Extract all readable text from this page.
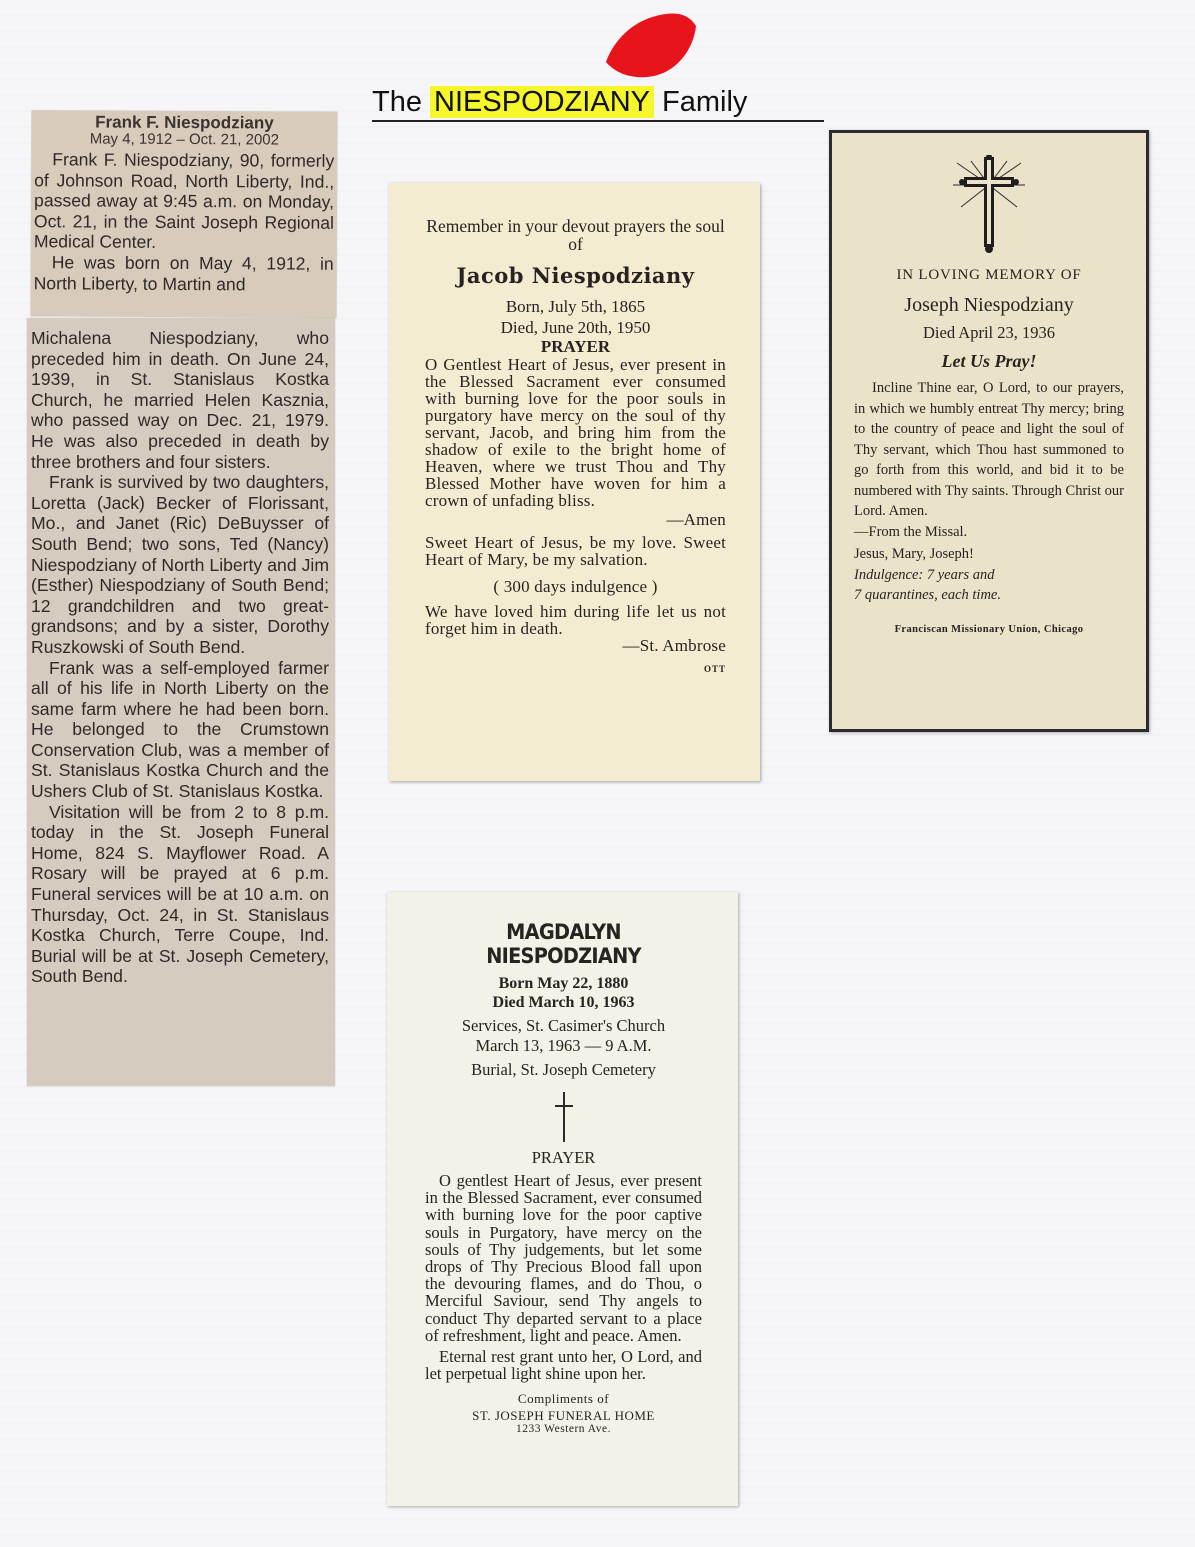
The NIESPODZIANY Family
Frank F. Niespodziany
May 4, 1912 – Oct. 21, 2002

Frank F. Niespodziany, 90, formerly of Johnson Road, North Liberty, Ind., passed away at 9:45 a.m. on Monday, Oct. 21, in the Saint Joseph Regional Medical Center.

He was born on May 4, 1912, in North Liberty, to Martin and

Michalena Niespodziany, who preceded him in death. On June 24, 1939, in St. Stanislaus Kostka Church, he married Helen Kasznia, who passed way on Dec. 21, 1979. He was also preceded in death by three brothers and four sisters.

Frank is survived by two daughters, Loretta (Jack) Becker of Florissant, Mo., and Janet (Ric) DeBuysser of South Bend; two sons, Ted (Nancy) Niespodziany of North Liberty and Jim (Esther) Niespodziany of South Bend; 12 grandchildren and two great-grandsons; and by a sister, Dorothy Ruszkowski of South Bend.

Frank was a self-employed farmer all of his life in North Liberty on the same farm where he had been born. He belonged to the Crumstown Conservation Club, was a member of St. Stanislaus Kostka Church and the Ushers Club of St. Stanislaus Kostka.

Visitation will be from 2 to 8 p.m. today in the St. Joseph Funeral Home, 824 S. Mayflower Road. A Rosary will be prayed at 6 p.m. Funeral services will be at 10 a.m. on Thursday, Oct. 24, in St. Stanislaus Kostka Church, Terre Coupe, Ind. Burial will be at St. Joseph Cemetery, South Bend.

Remember in your devout prayers the soul of
Jacob Niespodziany
Born, July 5th, 1865
Died, June 20th, 1950
PRAYER
O Gentlest Heart of Jesus, ever present in the Blessed Sacrament ever consumed with burning love for the poor souls in purgatory have mercy on the soul of thy servant, Jacob, and bring him from the shadow of exile to the bright home of Heaven, where we trust Thou and Thy Blessed Mother have woven for him a crown of unfading bliss.
—Amen
Sweet Heart of Jesus, be my love. Sweet Heart of Mary, be my salvation.
( 300 days indulgence )
We have loved him during life let us not forget him in death.
—St. Ambrose
OTT
IN LOVING MEMORY OF
Joseph Niespodziany
Died April 23, 1936
Let Us Pray!
Incline Thine ear, O Lord, to our prayers, in which we humbly entreat Thy mercy; bring to the country of peace and light the soul of Thy servant, which Thou hast summoned to go forth from this world, and bid it to be numbered with Thy saints. Through Christ our Lord. Amen.
—From the Missal.
Jesus, Mary, Joseph!
Indulgence: 7 years and
7 quarantines, each time.
Franciscan Missionary Union, Chicago
MAGDALYN NIESPODZIANY
Born May 22, 1880
Died March 10, 1963
Services, St. Casimer's Church
March 13, 1963 — 9 A.M.
Burial, St. Joseph Cemetery
PRAYER
O gentlest Heart of Jesus, ever present in the Blessed Sacrament, ever consumed with burning love for the poor captive souls in Purgatory, have mercy on the souls of Thy judgements, but let some drops of Thy Precious Blood fall upon the devouring flames, and do Thou, o Merciful Saviour, send Thy angels to conduct Thy departed servant to a place of refreshment, light and peace. Amen.
Eternal rest grant unto her, O Lord, and let perpetual light shine upon her.
Compliments of
ST. JOSEPH FUNERAL HOME
1233 Western Ave.
